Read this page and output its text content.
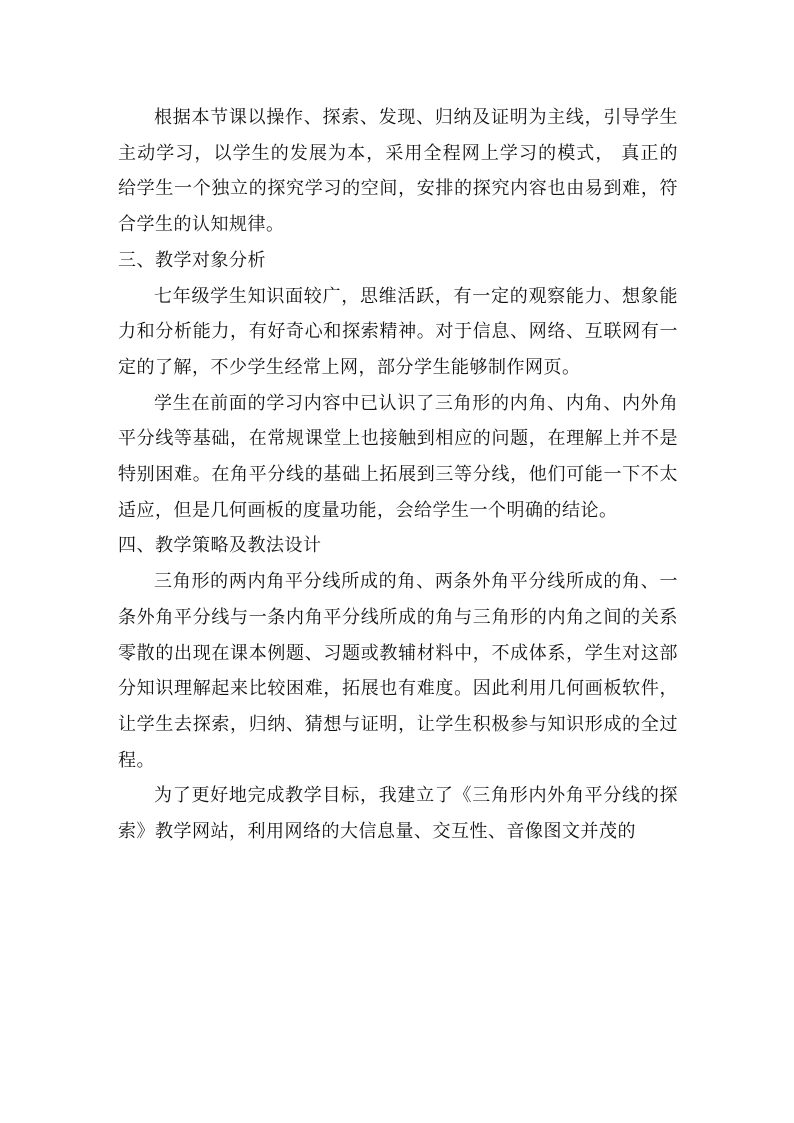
根据本节课以操作、探索、发现、归纳及证明为主线，引导学生主动学习，以学生的发展为本，采用全程网上学习的模式， 真正的给学生一个独立的探究学习的空间，安排的探究内容也由易到难，符合学生的认知规律。

三、教学对象分析

七年级学生知识面较广，思维活跃，有一定的观察能力、想象能力和分析能力，有好奇心和探索精神。对于信息、网络、互联网有一定的了解，不少学生经常上网，部分学生能够制作网页。

学生在前面的学习内容中已认识了三角形的内角、内角、内外角平分线等基础，在常规课堂上也接触到相应的问题，在理解上并不是特别困难。在角平分线的基础上拓展到三等分线，他们可能一下不太适应，但是几何画板的度量功能，会给学生一个明确的结论。

四、教学策略及教法设计

三角形的两内角平分线所成的角、两条外角平分线所成的角、一条外角平分线与一条内角平分线所成的角与三角形的内角之间的关系零散的出现在课本例题、习题或教辅材料中，不成体系，学生对这部分知识理解起来比较困难，拓展也有难度。因此利用几何画板软件，让学生去探索，归纳、猜想与证明，让学生积极参与知识形成的全过程。

为了更好地完成教学目标，我建立了《三角形内外角平分线的探索》教学网站，利用网络的大信息量、交互性、音像图文并茂的
